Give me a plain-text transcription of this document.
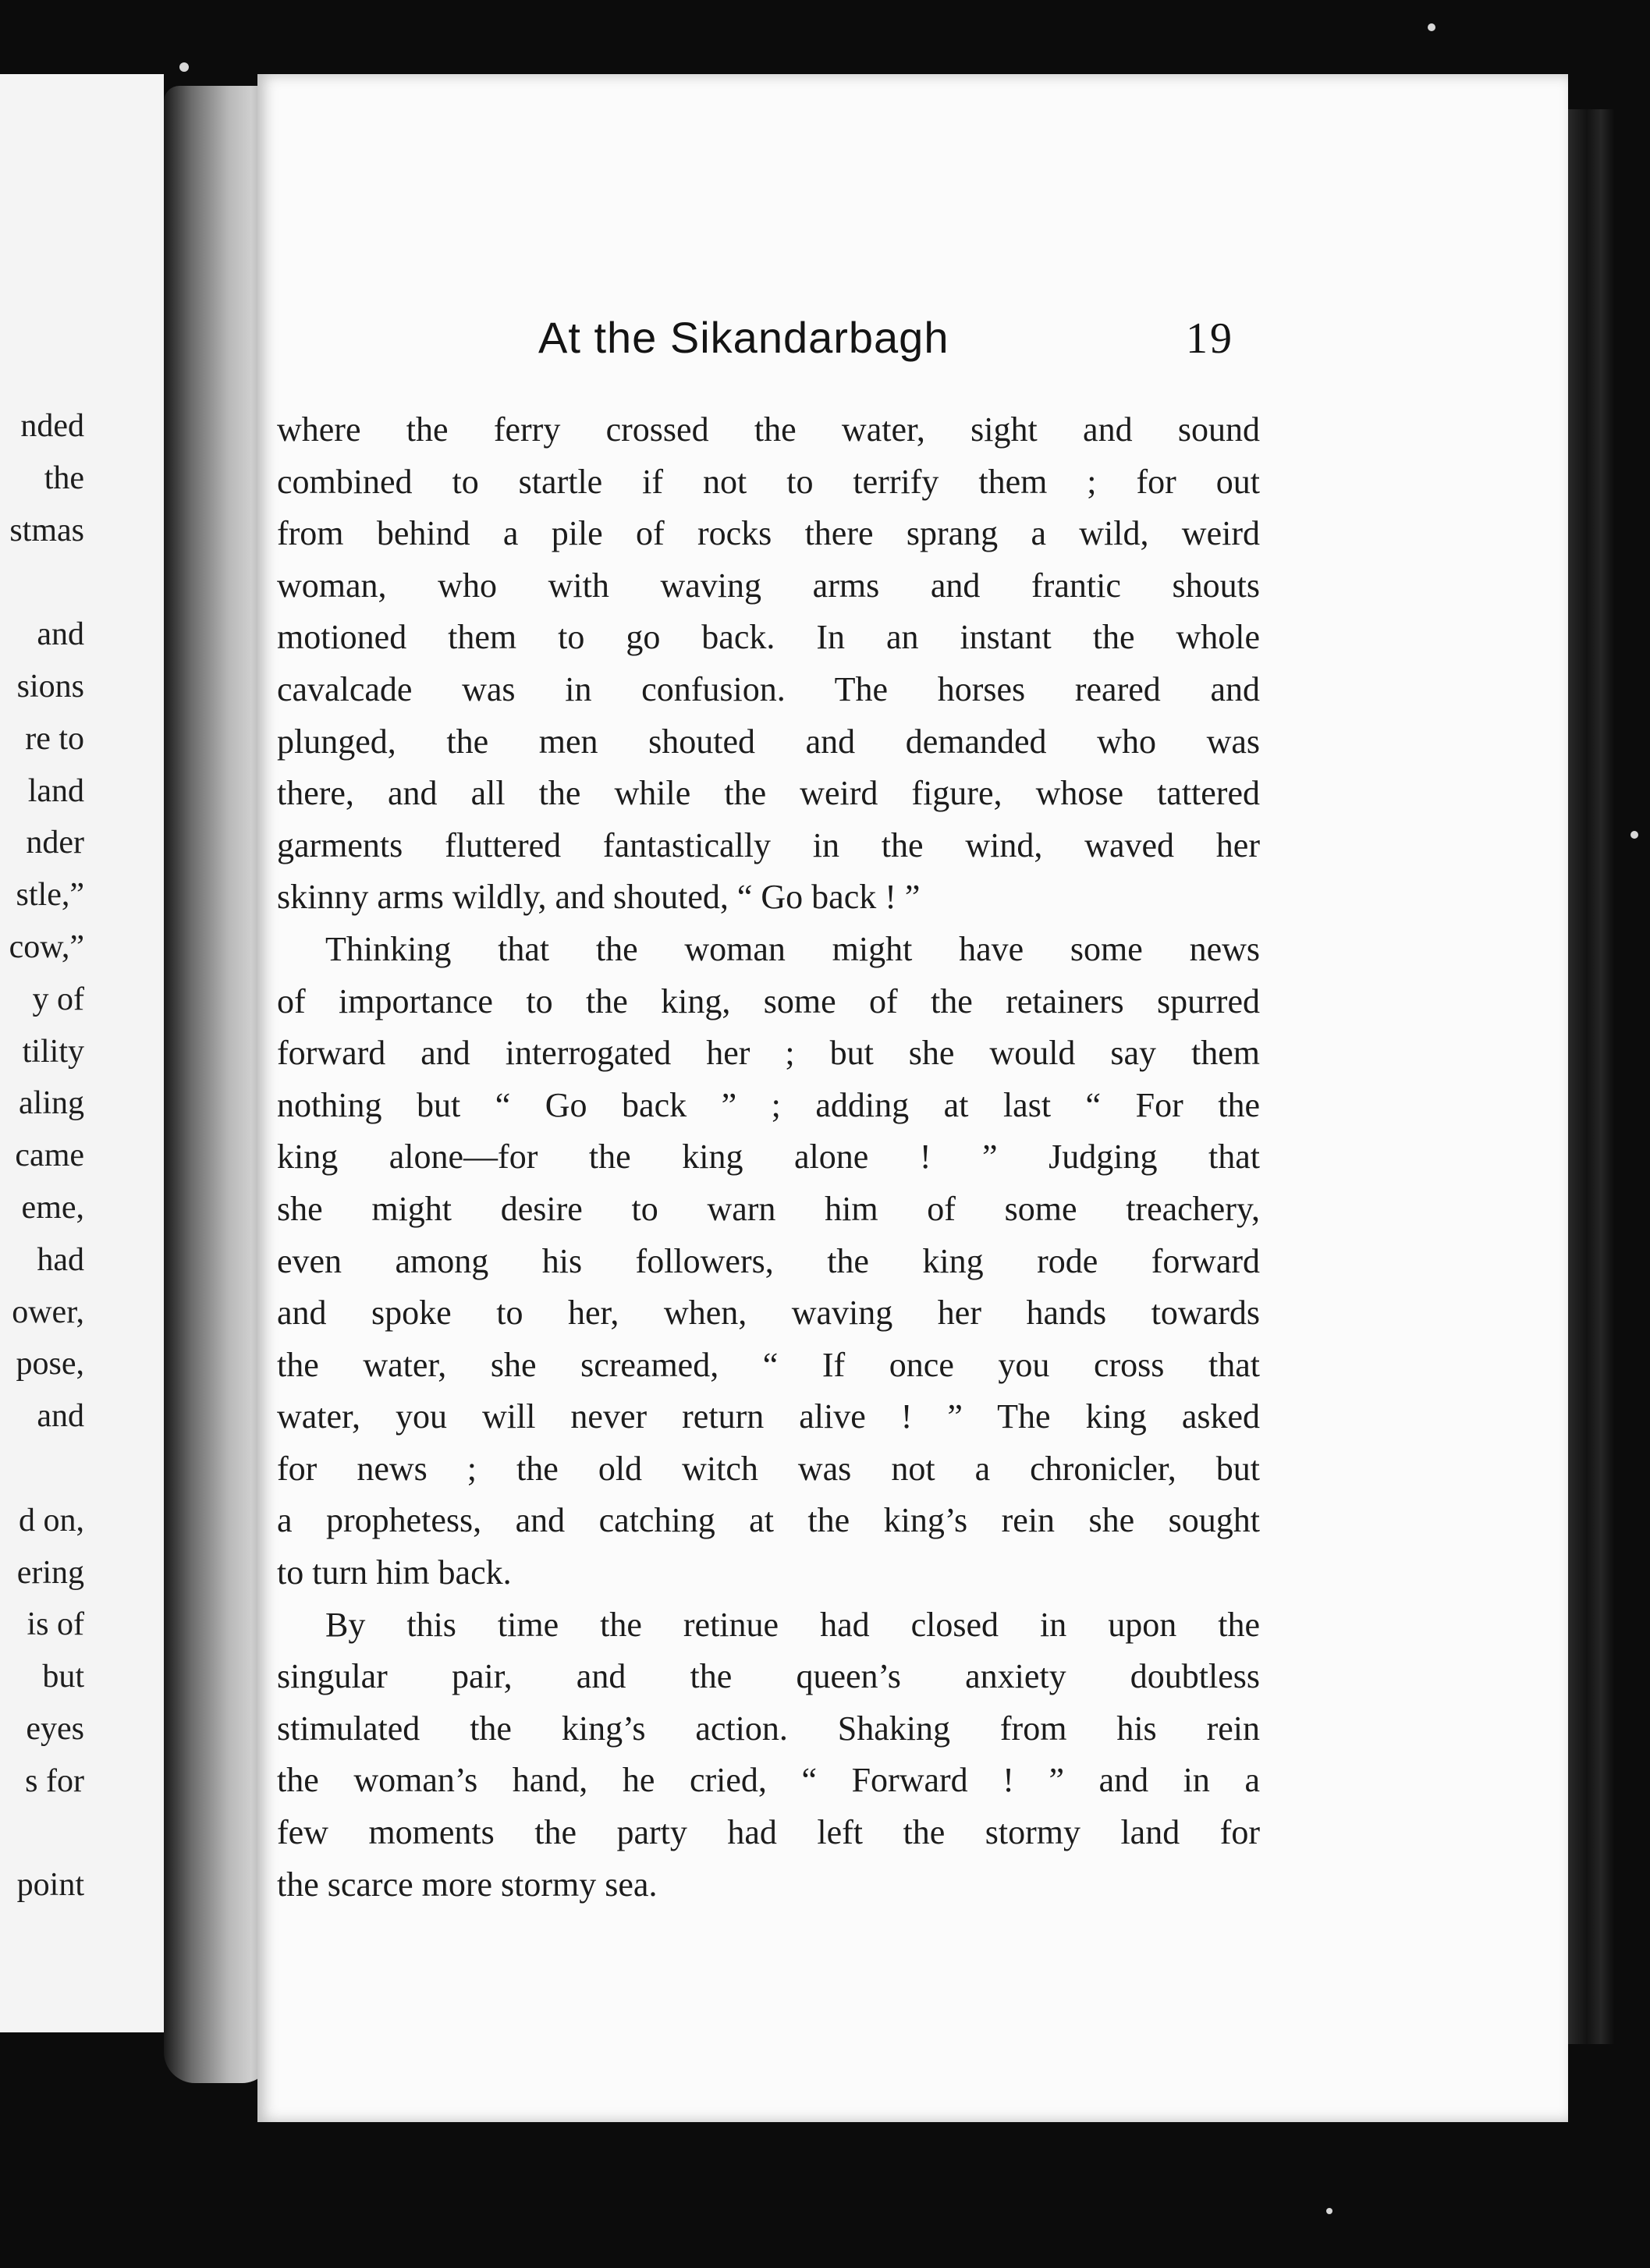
nded
the
stmas
and
sions
re to
land
nder
stle,”
cow,”
y of
tility
aling
came
eme,
had
ower,
pose,
and
d on,
ering
is of
but
eyes
s for
point
At the Sikandarbagh	19
where the ferry crossed the water, sight and sound
combined to startle if not to terrify them ; for out
from behind a pile of rocks there sprang a wild, weird
woman, who with waving arms and frantic shouts
motioned them to go back. In an instant the whole
cavalcade was in confusion. The horses reared and
plunged, the men shouted and demanded who was
there, and all the while the weird figure, whose tattered
garments fluttered fantastically in the wind, waved her
skinny arms wildly, and shouted, “ Go back ! ”
Thinking that the woman might have some news
of importance to the king, some of the retainers spurred
forward and interrogated her ; but she would say them
nothing but “ Go back ” ; adding at last “ For the
king alone—for the king alone ! ” Judging that
she might desire to warn him of some treachery,
even among his followers, the king rode forward
and spoke to her, when, waving her hands towards
the water, she screamed, “ If once you cross that
water, you will never return alive ! ” The king asked
for news ; the old witch was not a chronicler, but
a prophetess, and catching at the king’s rein she sought
to turn him back.
By this time the retinue had closed in upon the
singular pair, and the queen’s anxiety doubtless
stimulated the king’s action. Shaking from his rein
the woman’s hand, he cried, “ Forward ! ” and in a
few moments the party had left the stormy land for
the scarce more stormy sea.
